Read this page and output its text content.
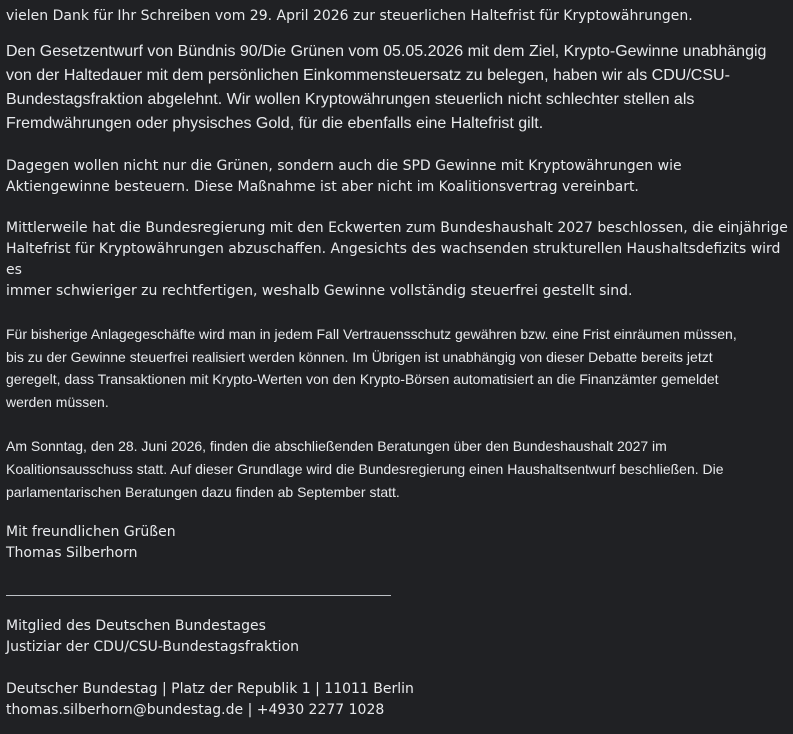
vielen Dank für Ihr Schreiben vom 29. April 2026 zur steuerlichen Haltefrist für Kryptowährungen.
Den Gesetzentwurf von Bündnis 90/Die Grünen vom 05.05.2026 mit dem Ziel, Krypto-Gewinne unabhängig
von der Haltedauer mit dem persönlichen Einkommensteuersatz zu belegen, haben wir als CDU/CSU-
Bundestagsfraktion abgelehnt. Wir wollen Kryptowährungen steuerlich nicht schlechter stellen als
Fremdwährungen oder physisches Gold, für die ebenfalls eine Haltefrist gilt.
Dagegen wollen nicht nur die Grünen, sondern auch die SPD Gewinne mit Kryptowährungen wie
Aktiengewinne besteuern. Diese Maßnahme ist aber nicht im Koalitionsvertrag vereinbart.
Mittlerweile hat die Bundesregierung mit den Eckwerten zum Bundeshaushalt 2027 beschlossen, die einjährige
Haltefrist für Kryptowährungen abzuschaffen. Angesichts des wachsenden strukturellen Haushaltsdefizits wird es
immer schwieriger zu rechtfertigen, weshalb Gewinne vollständig steuerfrei gestellt sind.
Für bisherige Anlagegeschäfte wird man in jedem Fall Vertrauensschutz gewähren bzw. eine Frist einräumen müssen,
bis zu der Gewinne steuerfrei realisiert werden können. Im Übrigen ist unabhängig von dieser Debatte bereits jetzt
geregelt, dass Transaktionen mit Krypto-Werten von den Krypto-Börsen automatisiert an die Finanzämter gemeldet
werden müssen.
Am Sonntag, den 28. Juni 2026, finden die abschließenden Beratungen über den Bundeshaushalt 2027 im
Koalitionsausschuss statt. Auf dieser Grundlage wird die Bundesregierung einen Haushaltsentwurf beschließen. Die
parlamentarischen Beratungen dazu finden ab September statt.
Mit freundlichen Grüßen
Thomas Silberhorn
Mitglied des Deutschen Bundestages
Justiziar der CDU/CSU-Bundestagsfraktion
Deutscher Bundestag | Platz der Republik 1 | 11011 Berlin
thomas.silberhorn@bundestag.de | +4930 2277 1028
